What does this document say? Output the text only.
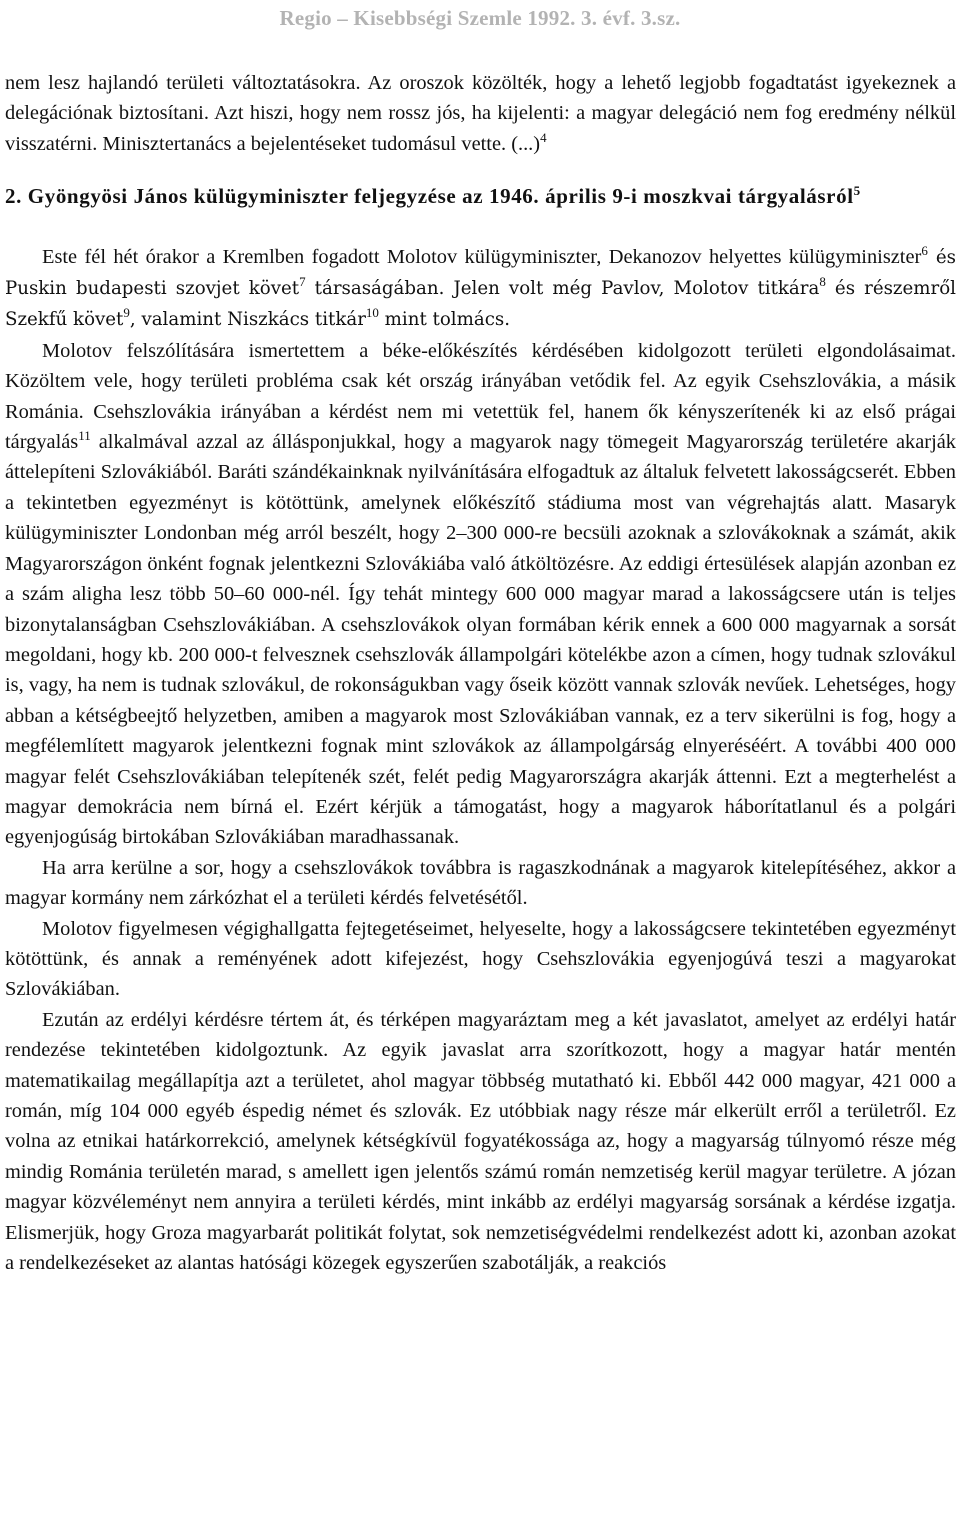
Regio – Kisebbségi Szemle 1992. 3. évf. 3.sz.

nem lesz hajlandó területi változtatásokra. Az oroszok közölték, hogy a lehető legjobb fogadtatást igyekeznek a delegációnak biztosítani. Azt hiszi, hogy nem rossz jós, ha kijelenti: a magyar delegáció nem fog eredmény nélkül visszatérni. Minisztertanács a bejelentéseket tudomásul vette. (...)$^4$

2. Gyöngyösi János külügyminiszter feljegyzése az 1946. április 9-i moszkvai tárgyalásról$^5$

Este fél hét órakor a Kremlben fogadott Molotov külügyminiszter, Dekanozov helyettes külügyminiszter$^6$ és Puskin budapesti szovjet követ$^7$ társaságában. Jelen volt még Pavlov, Molotov titkára$^8$ és részemről Szekfű követ$^9$, valamint Niszkács titkár$^{10}$ mint tolmács.

Molotov felszólítására ismertettem a béke-előkészítés kérdésében kidolgozott területi elgondolásaimat. Közöltem vele, hogy területi probléma csak két ország irányában vetődik fel. Az egyik Csehszlovákia, a másik Románia. Csehszlovákia irányában a kérdést nem mi vetettük fel, hanem ők kényszerítenék ki az első prágai tárgyalás$^{11}$ alkalmával azzal az állásponjukkal, hogy a magyarok nagy tömegeit Magyarország területére akarják áttelepíteni Szlovákiából. Baráti szándékainknak nyilvánítására elfogadtuk az általuk felvetett lakosságcserét. Ebben a tekintetben egyezményt is kötöttünk, amelynek előkészítő stádiuma most van végrehajtás alatt. Masaryk külügyminiszter Londonban még arról beszélt, hogy 2–300 000-re becsüli azoknak a szlovákoknak a számát, akik Magyarországon önként fognak jelentkezni Szlovákiába való átköltözésre. Az eddigi értesülések alapján azonban ez a szám aligha lesz több 50–60 000-nél. Így tehát mintegy 600 000 magyar marad a lakosságcsere után is teljes bizonytalanságban Csehszlovákiában. A csehszlovákok olyan formában kérik ennek a 600 000 magyarnak a sorsát megoldani, hogy kb. 200 000-t felvesznek csehszlovák állampolgári kötelékbe azon a címen, hogy tudnak szlovákul is, vagy, ha nem is tudnak szlovákul, de rokonságukban vagy őseik között vannak szlovák nevűek. Lehetséges, hogy abban a kétségbeejtő helyzetben, amiben a magyarok most Szlovákiában vannak, ez a terv sikerülni is fog, hogy a megfélemlített magyarok jelentkezni fognak mint szlovákok az állampolgárság elnyeréséért. A további 400 000 magyar felét Csehszlovákiában telepítenék szét, felét pedig Magyarországra akarják áttenni. Ezt a megterhelést a magyar demokrácia nem bírná el. Ezért kérjük a támogatást, hogy a magyarok háborítatlanul és a polgári egyenjogúság birtokában Szlovákiában maradhassanak.

Ha arra kerülne a sor, hogy a csehszlovákok továbbra is ragaszkodnának a magyarok kitelepítéséhez, akkor a magyar kormány nem zárkózhat el a területi kérdés felvetésétől.

Molotov figyelmesen végighallgatta fejtegetéseimet, helyeselte, hogy a lakosságcsere tekintetében egyezményt kötöttünk, és annak a reményének adott kifejezést, hogy Csehszlovákia egyenjogúvá teszi a magyarokat Szlovákiában.

Ezután az erdélyi kérdésre tértem át, és térképen magyaráztam meg a két javaslatot, amelyet az erdélyi határ rendezése tekintetében kidolgoztunk. Az egyik javaslat arra szorítkozott, hogy a magyar határ mentén matematikailag megállapítja azt a területet, ahol magyar többség mutatható ki. Ebből 442 000 magyar, 421 000 a román, míg 104 000 egyéb éspedig német és szlovák. Ez utóbbiak nagy része már elkerült erről a területről. Ez volna az etnikai határkorrekció, amelynek kétségkívül fogyatékossága az, hogy a magyarság túlnyomó része még mindig Románia területén marad, s amellett igen jelentős számú román nemzetiség kerül magyar területre. A józan magyar közvéleményt nem annyira a területi kérdés, mint inkább az erdélyi magyarság sorsának a kérdése izgatja. Elismerjük, hogy Groza magyarbarát politikát folytat, sok nemzetiségvédelmi rendelkezést adott ki, azonban azokat a rendelkezéseket az alantas hatósági közegek egyszerűen szabotálják, a reakciós
